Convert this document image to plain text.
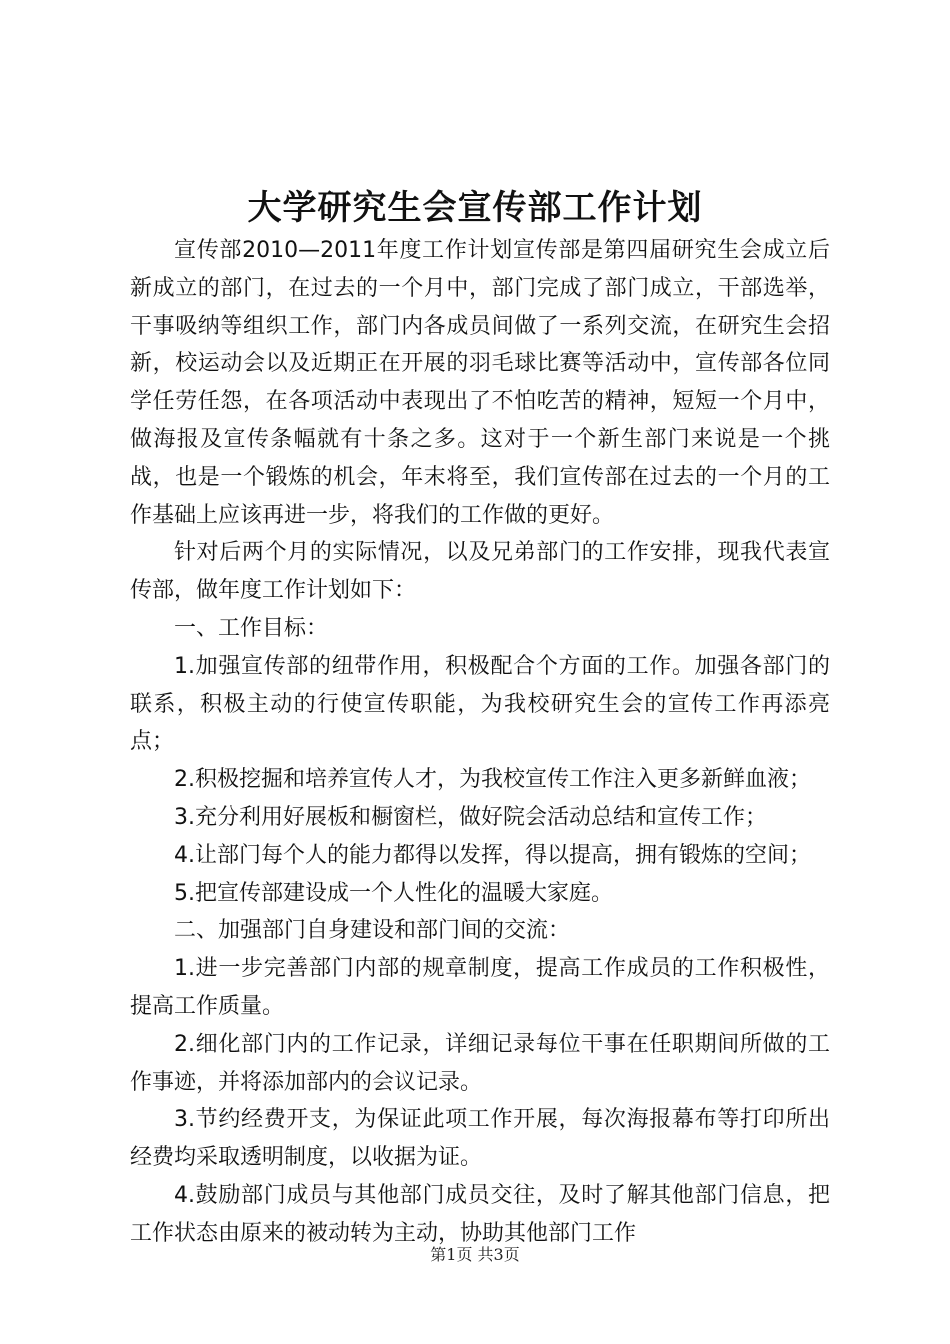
大学研究生会宣传部工作计划

宣传部2010—2011年度工作计划宣传部是第四届研究生会成立后新成立的部门，在过去的一个月中，部门完成了部门成立，干部选举，干事吸纳等组织工作，部门内各成员间做了一系列交流，在研究生会招新，校运动会以及近期正在开展的羽毛球比赛等活动中，宣传部各位同学任劳任怨，在各项活动中表现出了不怕吃苦的精神，短短一个月中，做海报及宣传条幅就有十条之多。这对于一个新生部门来说是一个挑战，也是一个锻炼的机会，年末将至，我们宣传部在过去的一个月的工作基础上应该再进一步，将我们的工作做的更好。

针对后两个月的实际情况，以及兄弟部门的工作安排，现我代表宣传部，做年度工作计划如下：

一、工作目标：

1.加强宣传部的纽带作用，积极配合个方面的工作。加强各部门的联系，积极主动的行使宣传职能，为我校研究生会的宣传工作再添亮点；

2.积极挖掘和培养宣传人才，为我校宣传工作注入更多新鲜血液；

3.充分利用好展板和橱窗栏，做好院会活动总结和宣传工作；

4.让部门每个人的能力都得以发挥，得以提高，拥有锻炼的空间；

5.把宣传部建设成一个人性化的温暖大家庭。

二、加强部门自身建设和部门间的交流：

1.进一步完善部门内部的规章制度，提高工作成员的工作积极性，提高工作质量。

2.细化部门内的工作记录，详细记录每位干事在任职期间所做的工作事迹，并将添加部内的会议记录。

3.节约经费开支，为保证此项工作开展，每次海报幕布等打印所出经费均采取透明制度，以收据为证。

4.鼓励部门成员与其他部门成员交往，及时了解其他部门信息，把工作状态由原来的被动转为主动，协助其他部门工作

第1页 共3页
